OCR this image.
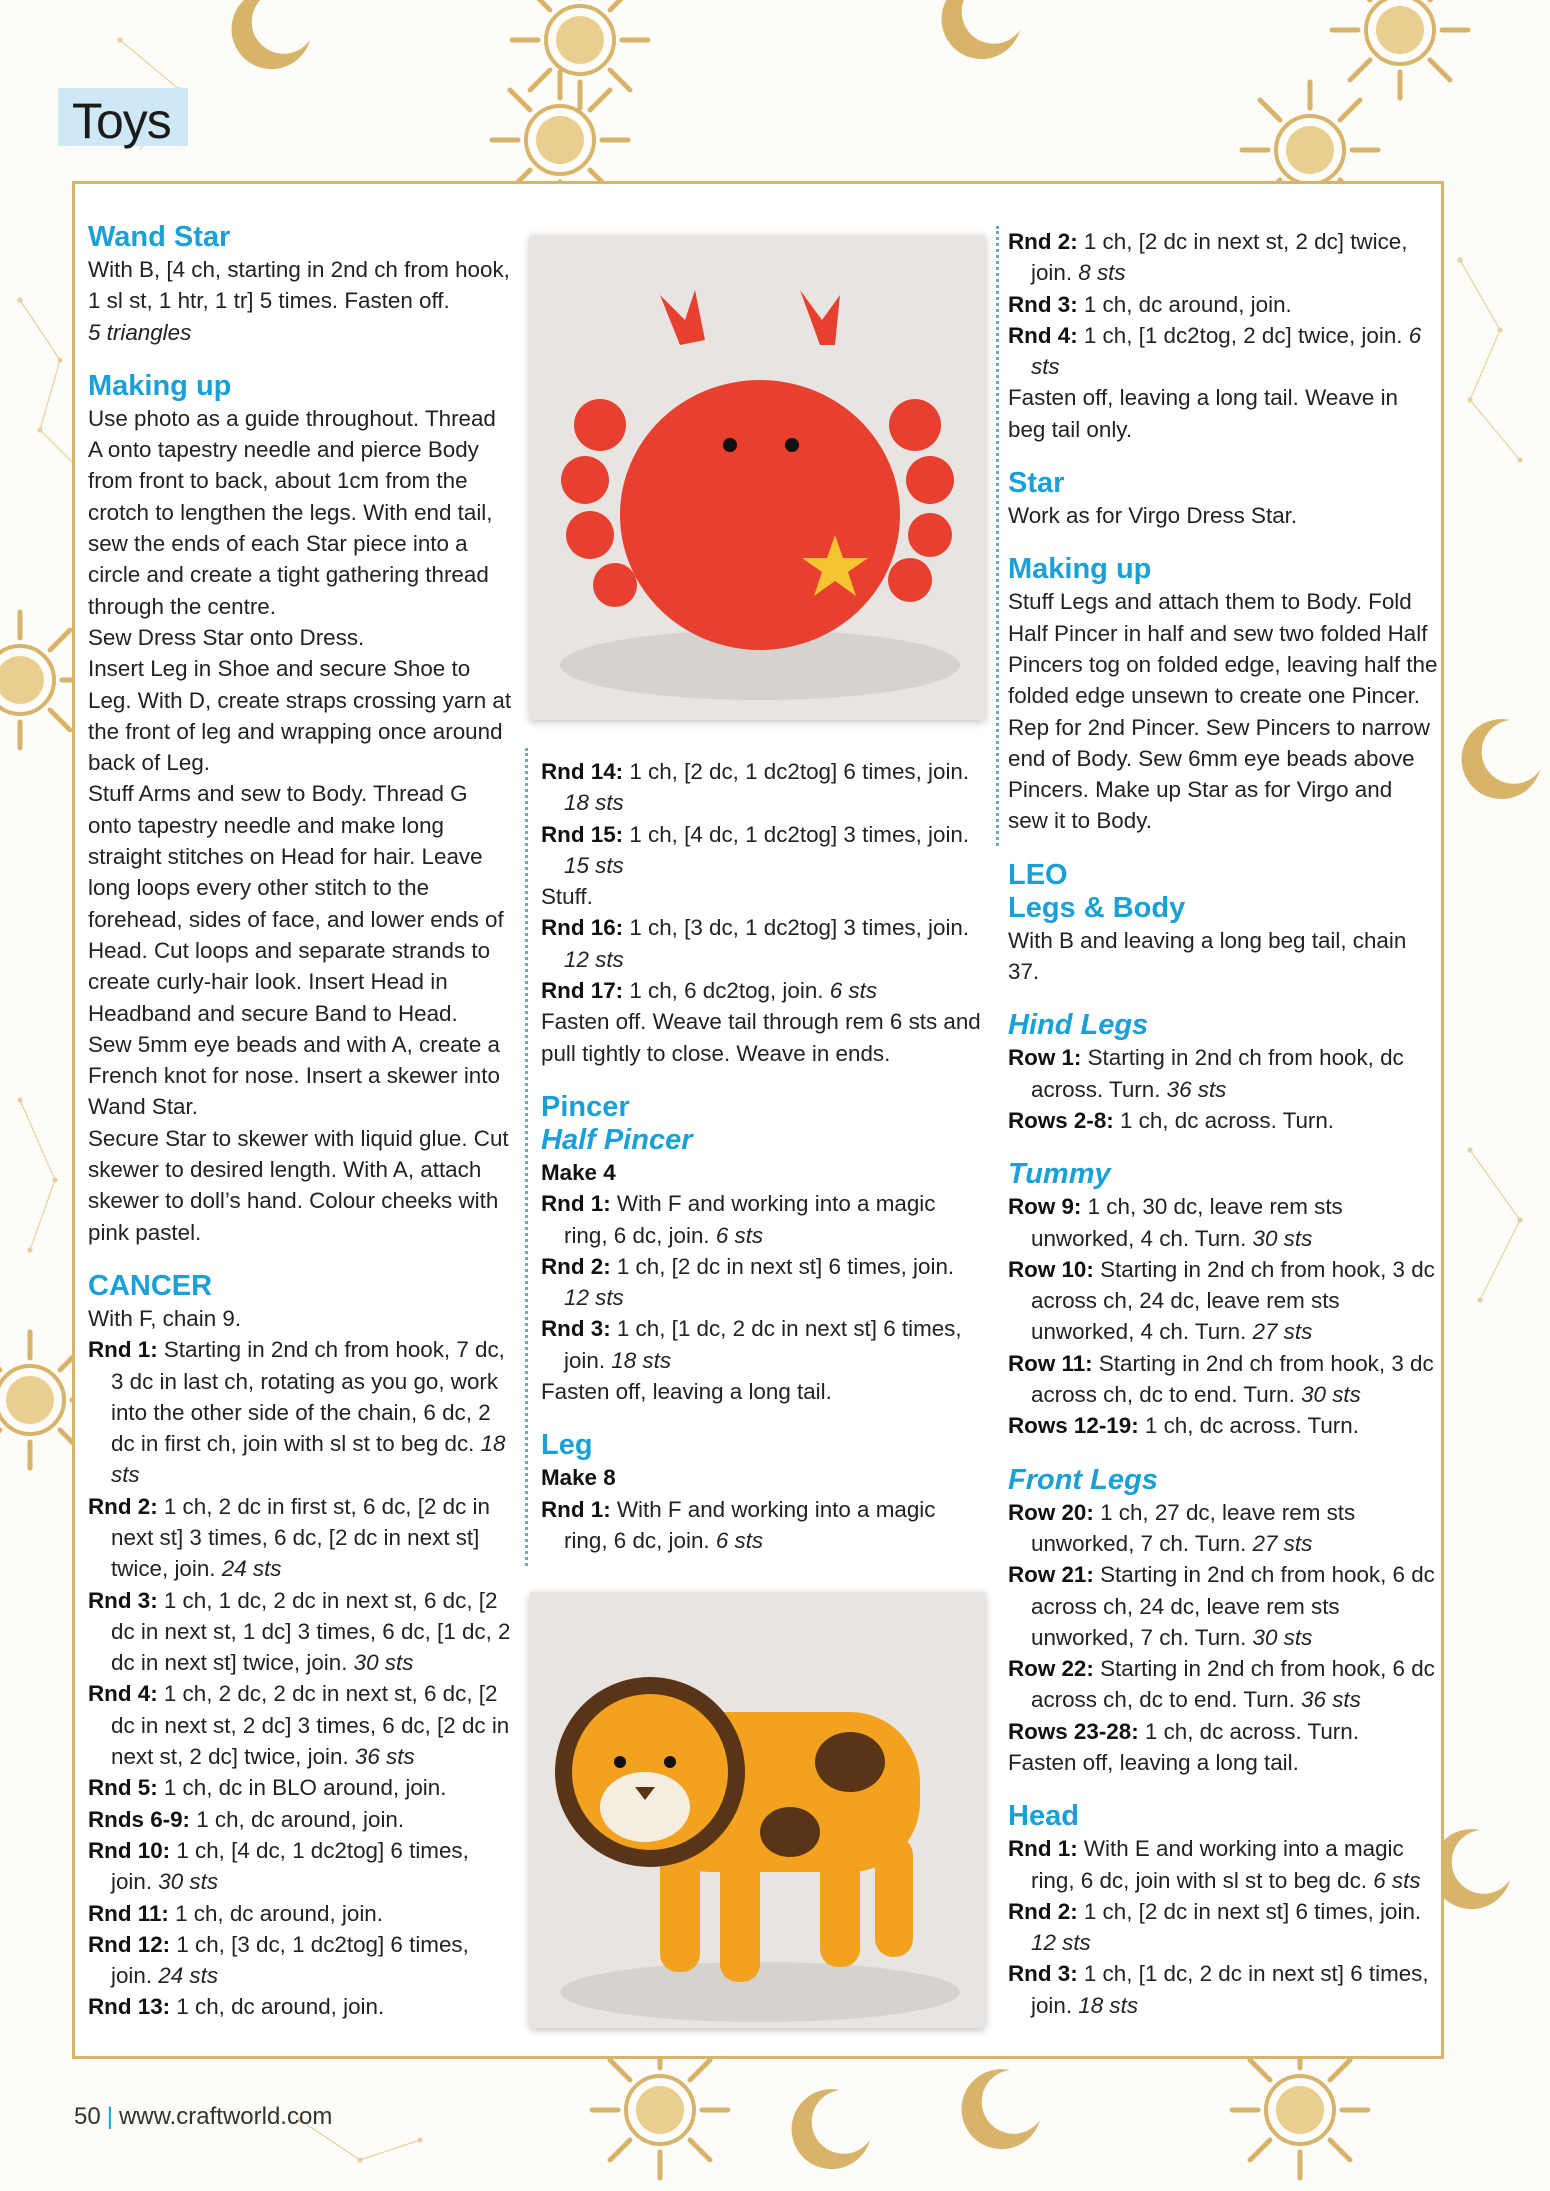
Toys
Wand Star

With B, [4 ch, starting in 2nd ch from hook, 1 sl st, 1 htr, 1 tr] 5 times. Fasten off.
5 triangles

Making up

Use photo as a guide throughout. Thread A onto tapestry needle and pierce Body from front to back, about 1cm from the crotch to lengthen the legs. With end tail, sew the ends of each Star piece into a circle and create a tight gathering thread through the centre.

Sew Dress Star onto Dress.

Insert Leg in Shoe and secure Shoe to Leg. With D, create straps crossing yarn at the front of leg and wrapping once around back of Leg.

Stuff Arms and sew to Body. Thread G onto tapestry needle and make long straight stitches on Head for hair. Leave long loops every other stitch to the forehead, sides of face, and lower ends of Head. Cut loops and separate strands to create curly-hair look. Insert Head in Headband and secure Band to Head.

Sew 5mm eye beads and with A, create a French knot for nose. Insert a skewer into Wand Star.

Secure Star to skewer with liquid glue. Cut skewer to desired length. With A, attach skewer to doll’s hand. Colour cheeks with pink pastel.

CANCER

With F, chain 9.

Rnd 1: Starting in 2nd ch from hook, 7 dc, 3 dc in last ch, rotating as you go, work into the other side of the chain, 6 dc, 2 dc in first ch, join with sl st to beg dc. 18 sts

Rnd 2: 1 ch, 2 dc in first st, 6 dc, [2 dc in next st] 3 times, 6 dc, [2 dc in next st] twice, join. 24 sts

Rnd 3: 1 ch, 1 dc, 2 dc in next st, 6 dc, [2 dc in next st, 1 dc] 3 times, 6 dc, [1 dc, 2 dc in next st] twice, join. 30 sts

Rnd 4: 1 ch, 2 dc, 2 dc in next st, 6 dc, [2 dc in next st, 2 dc] 3 times, 6 dc, [2 dc in next st, 2 dc] twice, join. 36 sts

Rnd 5: 1 ch, dc in BLO around, join.

Rnds 6-9: 1 ch, dc around, join.

Rnd 10: 1 ch, [4 dc, 1 dc2tog] 6 times, join. 30 sts

Rnd 11: 1 ch, dc around, join.

Rnd 12: 1 ch, [3 dc, 1 dc2tog] 6 times, join. 24 sts

Rnd 13: 1 ch, dc around, join.

Rnd 14: 1 ch, [2 dc, 1 dc2tog] 6 times, join. 18 sts

Rnd 15: 1 ch, [4 dc, 1 dc2tog] 3 times, join. 15 sts

Stuff.

Rnd 16: 1 ch, [3 dc, 1 dc2tog] 3 times, join. 12 sts

Rnd 17: 1 ch, 6 dc2tog, join. 6 sts

Fasten off. Weave tail through rem 6 sts and pull tightly to close. Weave in ends.

Pincer
Half Pincer

Make 4

Rnd 1: With F and working into a magic ring, 6 dc, join. 6 sts

Rnd 2: 1 ch, [2 dc in next st] 6 times, join. 12 sts

Rnd 3: 1 ch, [1 dc, 2 dc in next st] 6 times, join. 18 sts

Fasten off, leaving a long tail.

Leg

Make 8

Rnd 1: With F and working into a magic ring, 6 dc, join. 6 sts

Rnd 2: 1 ch, [2 dc in next st, 2 dc] twice, join. 8 sts

Rnd 3: 1 ch, dc around, join.

Rnd 4: 1 ch, [1 dc2tog, 2 dc] twice, join. 6 sts

Fasten off, leaving a long tail. Weave in beg tail only.

Star

Work as for Virgo Dress Star.

Making up

Stuff Legs and attach them to Body. Fold Half Pincer in half and sew two folded Half Pincers tog on folded edge, leaving half the folded edge unsewn to create one Pincer. Rep for 2nd Pincer. Sew Pincers to narrow end of Body. Sew 6mm eye beads above Pincers. Make up Star as for Virgo and sew it to Body.

LEO
Legs & Body

With B and leaving a long beg tail, chain 37.

Hind Legs

Row 1: Starting in 2nd ch from hook, dc across. Turn. 36 sts

Rows 2-8: 1 ch, dc across. Turn.

Tummy

Row 9: 1 ch, 30 dc, leave rem sts unworked, 4 ch. Turn. 30 sts

Row 10: Starting in 2nd ch from hook, 3 dc across ch, 24 dc, leave rem sts unworked, 4 ch. Turn. 27 sts

Row 11: Starting in 2nd ch from hook, 3 dc across ch, dc to end. Turn. 30 sts

Rows 12-19: 1 ch, dc across. Turn.

Front Legs

Row 20: 1 ch, 27 dc, leave rem sts unworked, 7 ch. Turn. 27 sts

Row 21: Starting in 2nd ch from hook, 6 dc across ch, 24 dc, leave rem sts unworked, 7 ch. Turn. 30 sts

Row 22: Starting in 2nd ch from hook, 6 dc across ch, dc to end. Turn. 36 sts

Rows 23-28: 1 ch, dc across. Turn.

Fasten off, leaving a long tail.

Head

Rnd 1: With E and working into a magic ring, 6 dc, join with sl st to beg dc. 6 sts

Rnd 2: 1 ch, [2 dc in next st] 6 times, join. 12 sts

Rnd 3: 1 ch, [1 dc, 2 dc in next st] 6 times, join. 18 sts

50 | www.craftworld.com
